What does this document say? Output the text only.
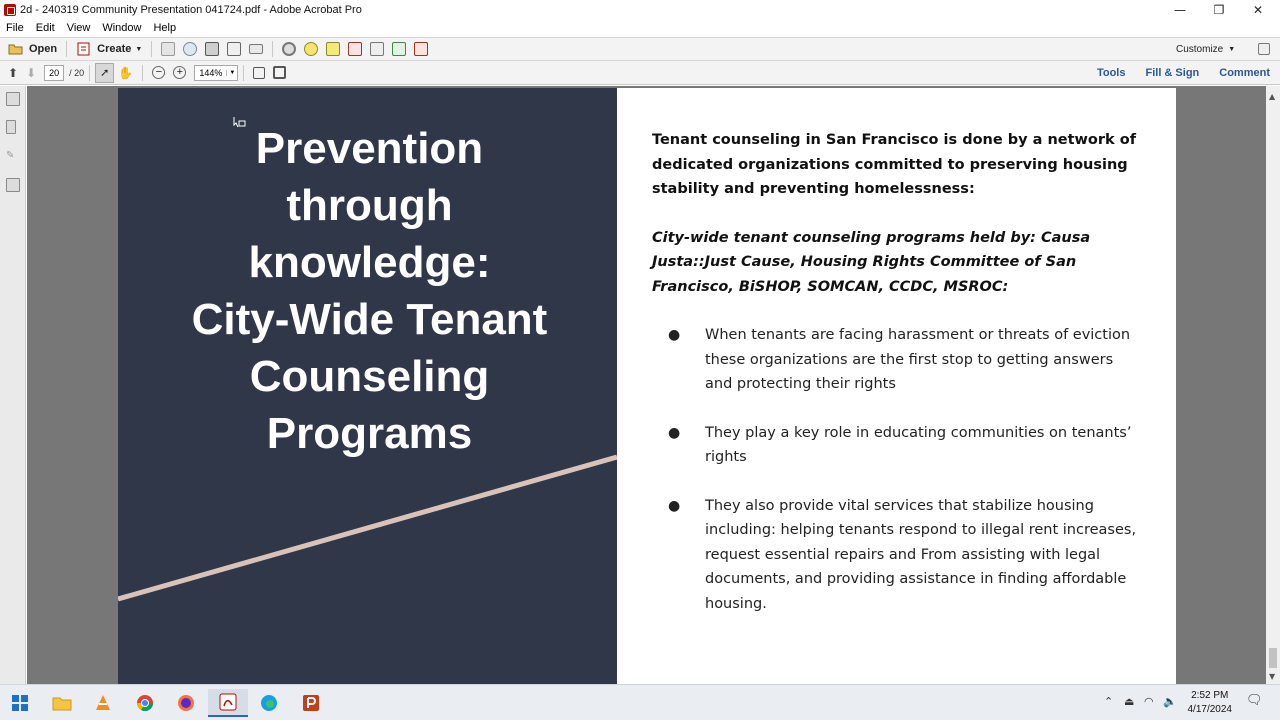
2d - 240319 Community Presentation 041724.pdf - Adobe Acrobat Pro	—	❐	✕
File	Edit	View	Window	Help
Open	Create ▼	Customize ▼
⬆ ⬇	20	/ 20 ➚ ✋ − +	144%	▼	Tools	Fill & Sign	Comment
✎	Prevention
through
knowledge:
City-Wide Tenant
Counseling
Programs

Tenant counseling in San Francisco is done by a network of dedicated organizations committed to preserving housing stability and preventing homelessness:

City-wide tenant counseling programs held by: Causa Justa::Just Cause, Housing Rights Committee of San Francisco, BiSHOP, SOMCAN, CCDC, MSROC:

● When tenants are facing harassment or threats of eviction these organizations are the first stop to getting answers and protecting their rights
● They play a key role in educating communities on tenants’ rights
● They also provide vital services that stabilize housing including: helping tenants respond to illegal rent increases, request essential repairs and From assisting with legal documents, and providing assistance in finding affordable housing.
▲
▼
⌃ ⏏ ◠ 🔈	2:52 PM
4/17/2024
🗨
